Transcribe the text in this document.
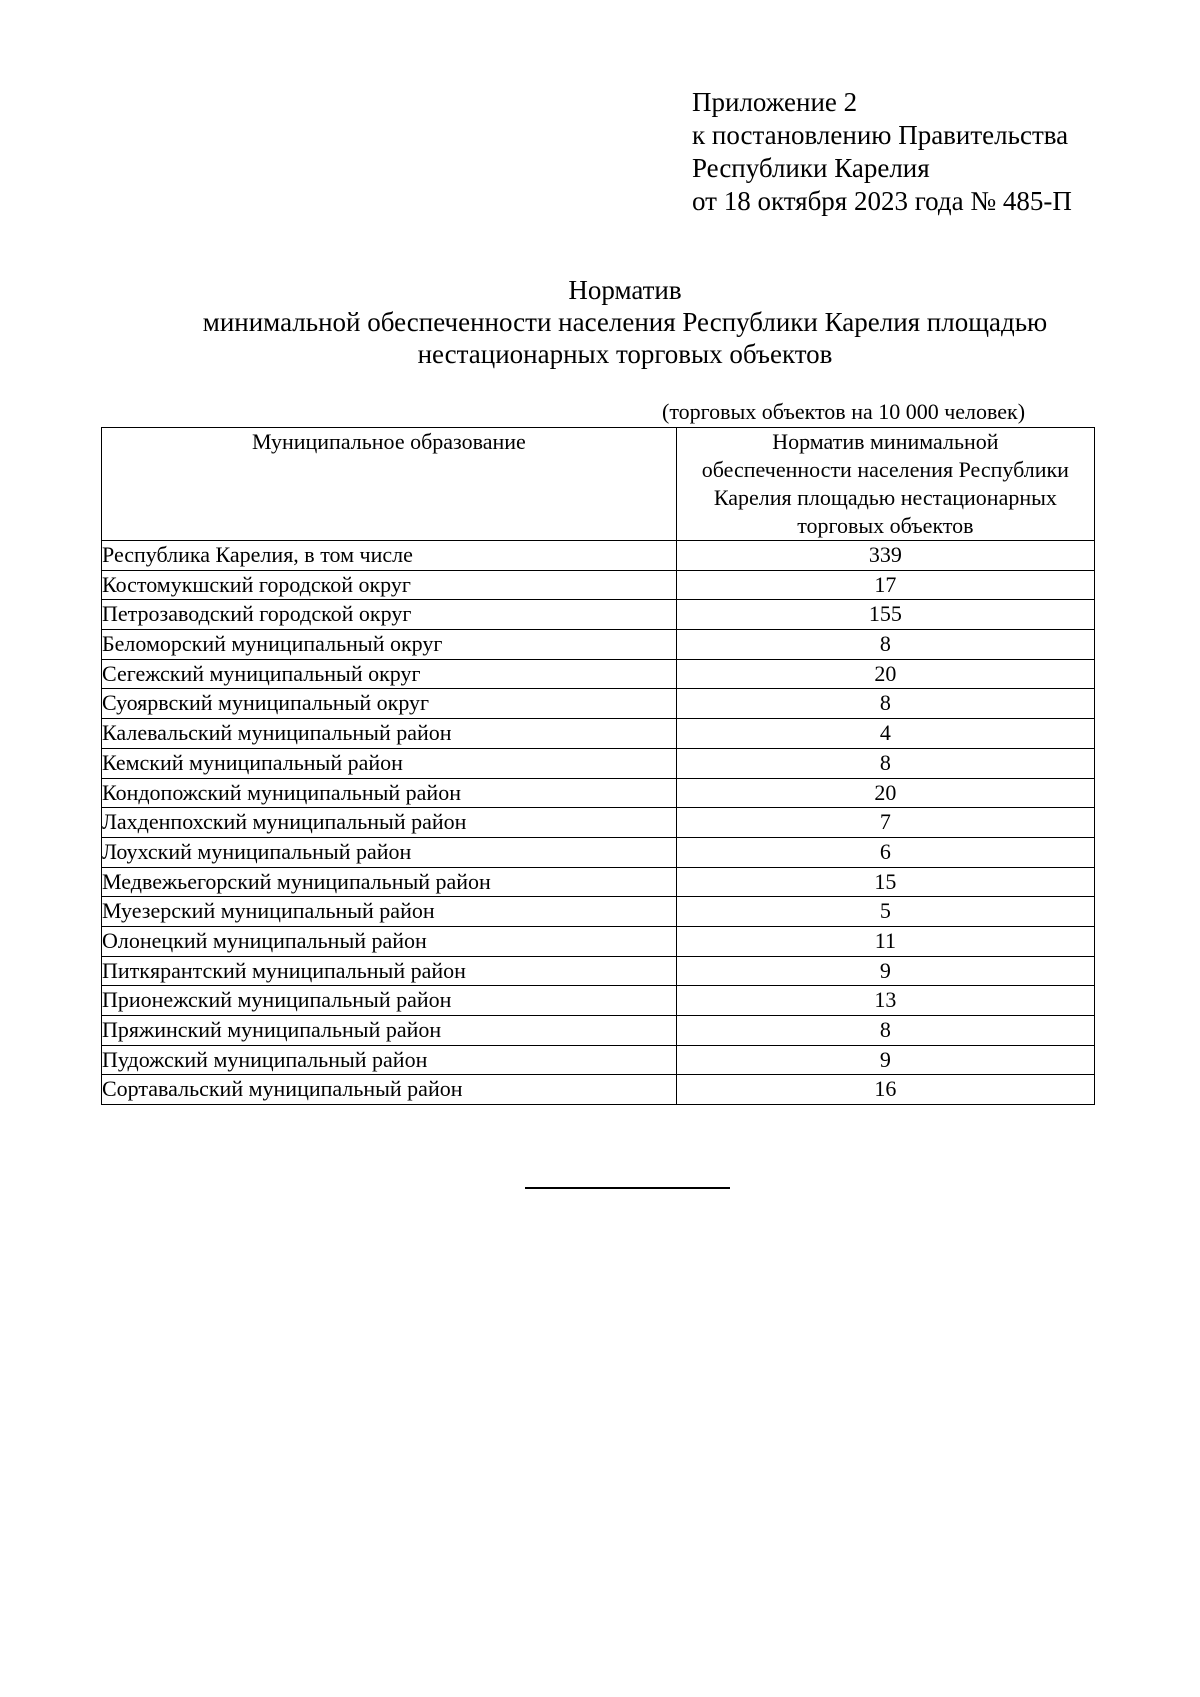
Приложение 2
к постановлению Правительства
Республики Карелия
от 18 октября 2023 года № 485-П
Норматив
минимальной обеспеченности населения Республики Карелия площадью
нестационарных торговых объектов
(торговых объектов на 10 000 человек)
Муниципальное образование	Норматив минимальной
обеспеченности населения Республики
Карелия площадью нестационарных
торговых объектов

Республика Карелия, в том числе	339
Костомукшский городской округ	17
Петрозаводский городской округ	155
Беломорский муниципальный округ	8
Сегежский муниципальный округ	20
Суоярвский муниципальный округ	8
Калевальский муниципальный район	4
Кемский муниципальный район	8
Кондопожский муниципальный район	20
Лахденпохский муниципальный район	7
Лоухский муниципальный район	6
Медвежьегорский муниципальный район	15
Муезерский муниципальный район	5
Олонецкий муниципальный район	11
Питкярантский муниципальный район	9
Прионежский муниципальный район	13
Пряжинский муниципальный район	8
Пудожский муниципальный район	9
Сортавальский муниципальный район	16
